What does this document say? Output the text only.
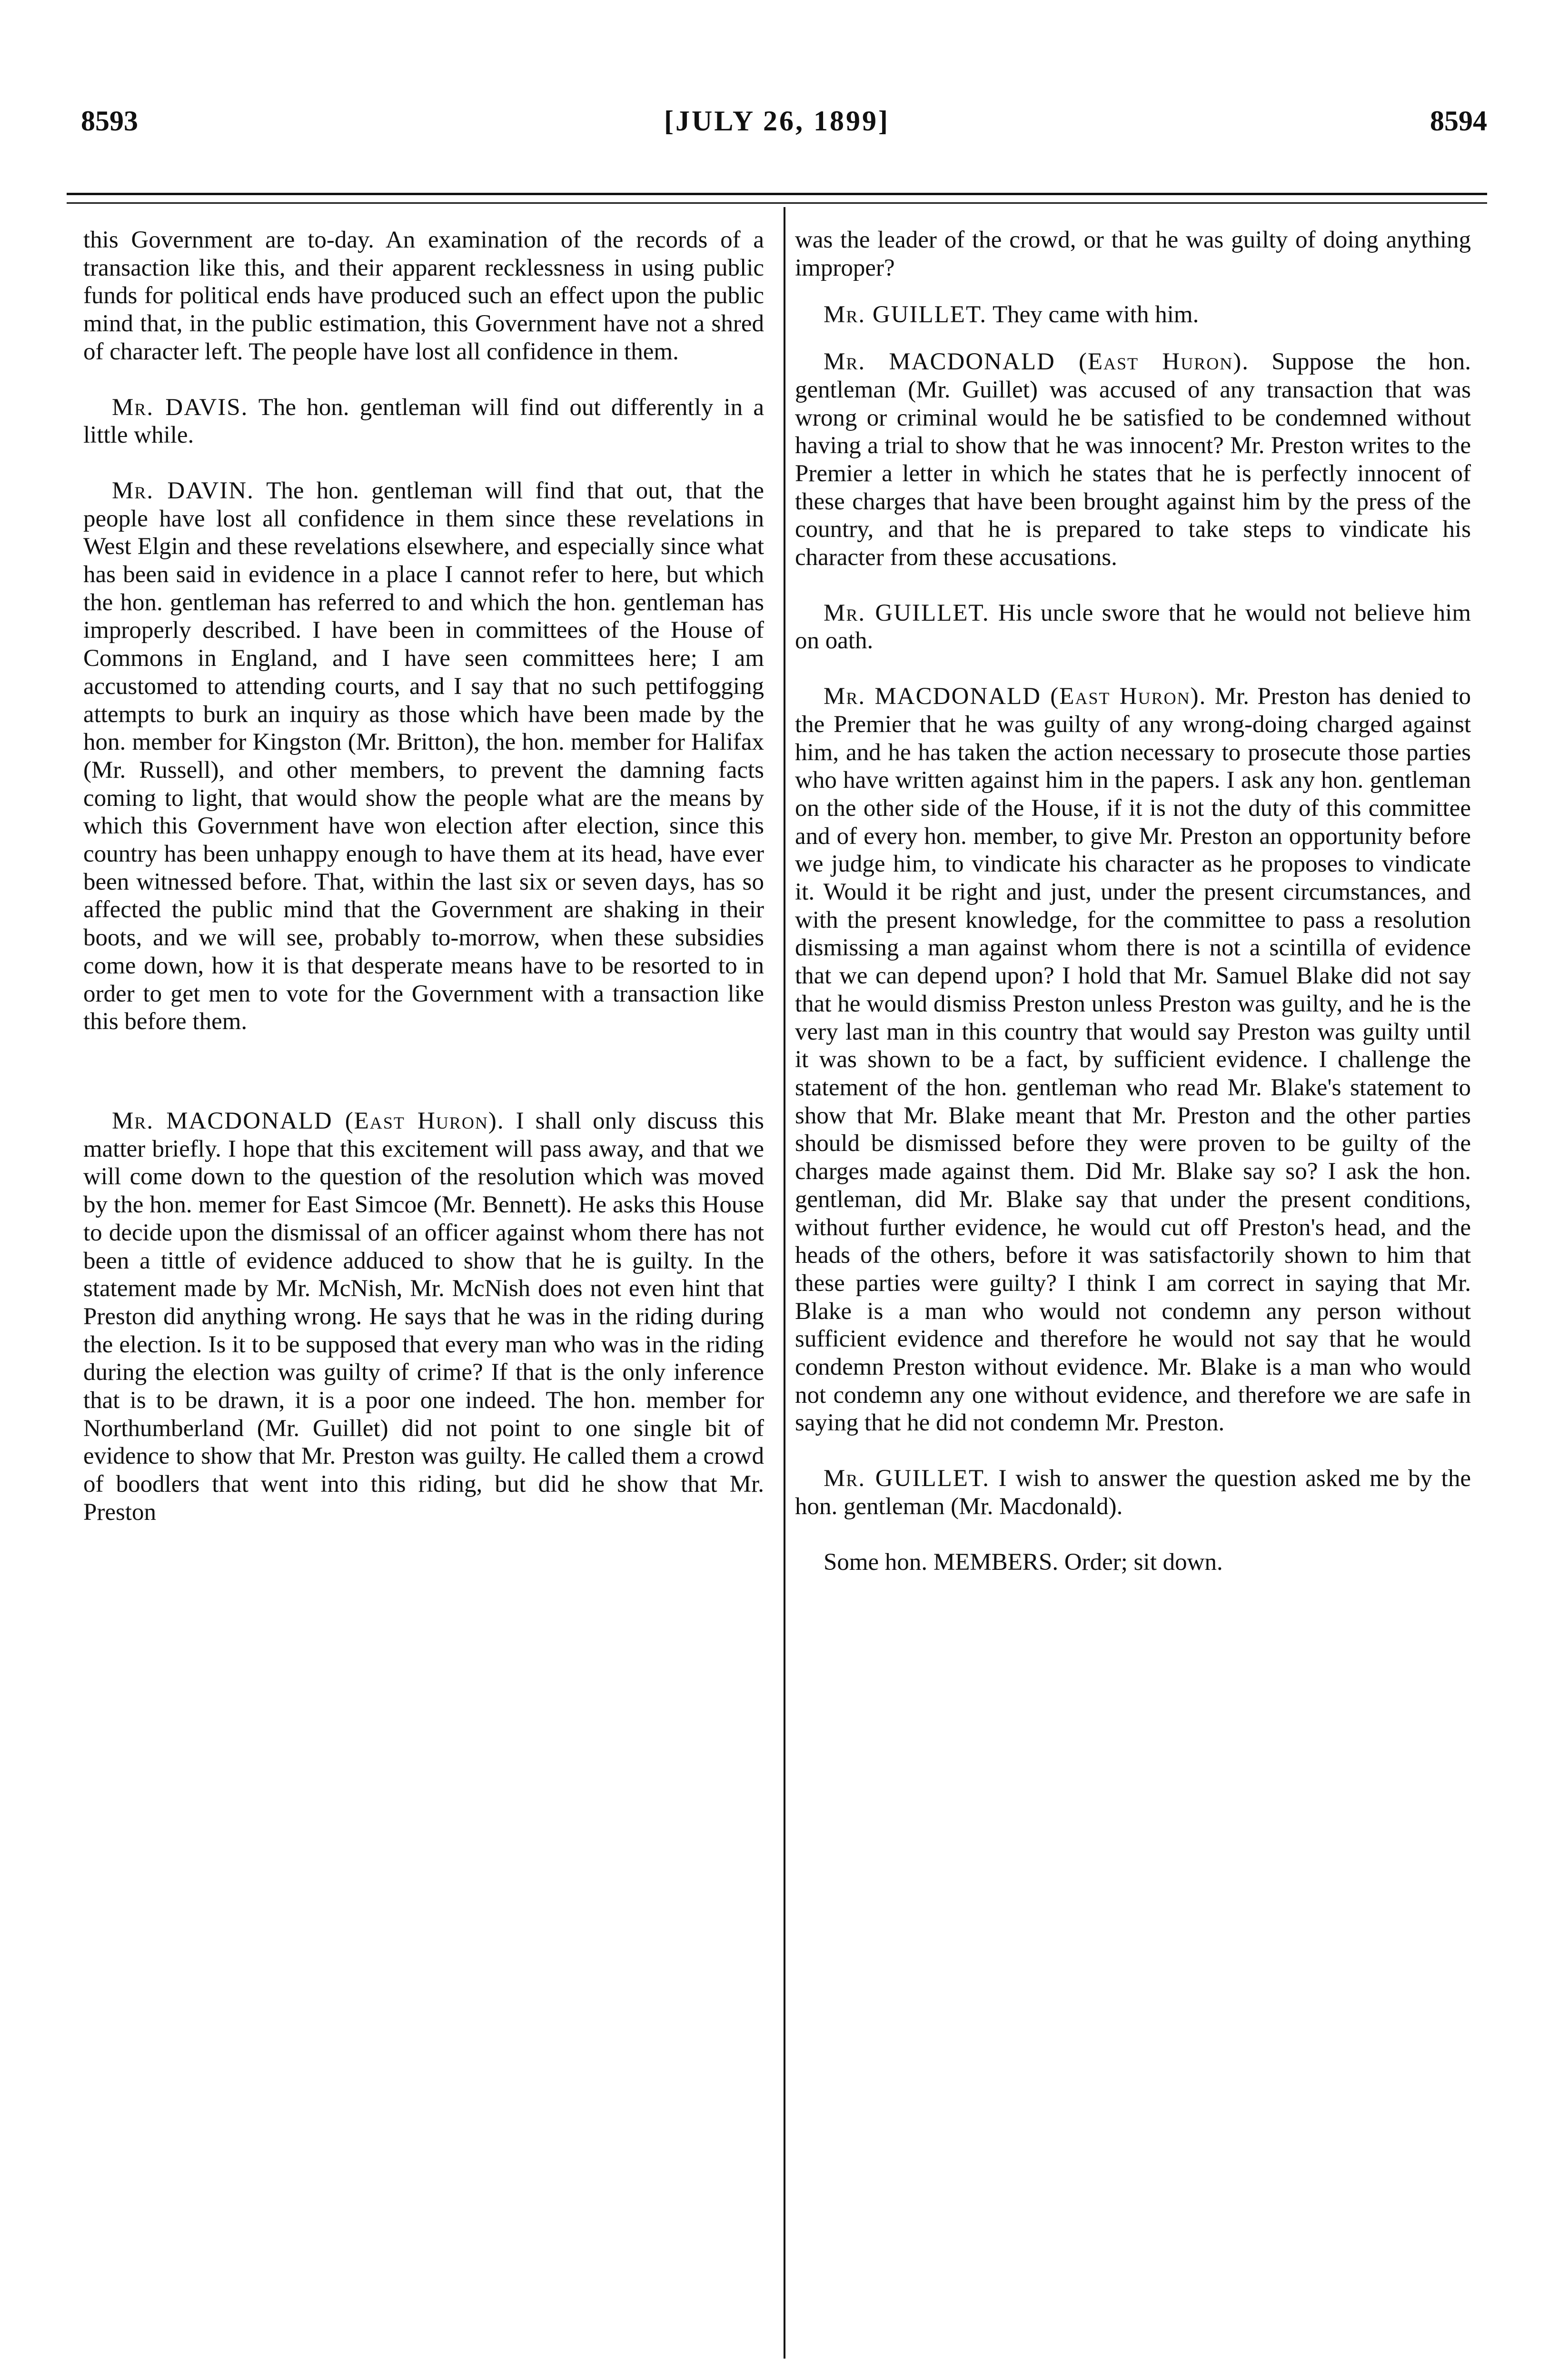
8593	[JULY 26, 1899]	8594

this Government are to-day. An examination of the records of a transaction like this, and their apparent recklessness in using public funds for political ends have produced such an effect upon the public mind that, in the public estimation, this Government have not a shred of character left. The people have lost all confidence in them.

Mr. DAVIS. The hon. gentleman will find out differently in a little while.

Mr. DAVIN. The hon. gentleman will find that out, that the people have lost all confidence in them since these revelations in West Elgin and these revelations elsewhere, and especially since what has been said in evidence in a place I cannot refer to here, but which the hon. gentleman has referred to and which the hon. gentleman has improperly described. I have been in committees of the House of Commons in England, and I have seen committees here; I am accustomed to attending courts, and I say that no such pettifogging attempts to burk an inquiry as those which have been made by the hon. member for Kingston (Mr. Britton), the hon. member for Halifax (Mr. Russell), and other members, to prevent the damning facts coming to light, that would show the people what are the means by which this Government have won election after election, since this country has been unhappy enough to have them at its head, have ever been witnessed before. That, within the last six or seven days, has so affected the public mind that the Government are shaking in their boots, and we will see, probably to-morrow, when these subsidies come down, how it is that desperate means have to be resorted to in order to get men to vote for the Government with a transaction like this before them.

Mr. MACDONALD (East Huron). I shall only discuss this matter briefly. I hope that this excitement will pass away, and that we will come down to the question of the resolution which was moved by the hon. memer for East Simcoe (Mr. Bennett). He asks this House to decide upon the dismissal of an officer against whom there has not been a tittle of evidence adduced to show that he is guilty. In the statement made by Mr. McNish, Mr. McNish does not even hint that Preston did anything wrong. He says that he was in the riding during the election. Is it to be supposed that every man who was in the riding during the election was guilty of crime? If that is the only inference that is to be drawn, it is a poor one indeed. The hon. member for Northumberland (Mr. Guillet) did not point to one single bit of evidence to show that Mr. Preston was guilty. He called them a crowd of boodlers that went into this riding, but did he show that Mr. Preston

was the leader of the crowd, or that he was guilty of doing anything improper?

Mr. GUILLET. They came with him.

Mr. MACDONALD (East Huron). Suppose the hon. gentleman (Mr. Guillet) was accused of any transaction that was wrong or criminal would he be satisfied to be condemned without having a trial to show that he was innocent? Mr. Preston writes to the Premier a letter in which he states that he is perfectly innocent of these charges that have been brought against him by the press of the country, and that he is prepared to take steps to vindicate his character from these accusations.

Mr. GUILLET. His uncle swore that he would not believe him on oath.

Mr. MACDONALD (East Huron). Mr. Preston has denied to the Premier that he was guilty of any wrong-doing charged against him, and he has taken the action necessary to prosecute those parties who have written against him in the papers. I ask any hon. gentleman on the other side of the House, if it is not the duty of this committee and of every hon. member, to give Mr. Preston an opportunity before we judge him, to vindicate his character as he proposes to vindicate it. Would it be right and just, under the present circumstances, and with the present knowledge, for the committee to pass a resolution dismissing a man against whom there is not a scintilla of evidence that we can depend upon? I hold that Mr. Samuel Blake did not say that he would dismiss Preston unless Preston was guilty, and he is the very last man in this country that would say Preston was guilty until it was shown to be a fact, by sufficient evidence. I challenge the statement of the hon. gentleman who read Mr. Blake's statement to show that Mr. Blake meant that Mr. Preston and the other parties should be dismissed before they were proven to be guilty of the charges made against them. Did Mr. Blake say so? I ask the hon. gentleman, did Mr. Blake say that under the present conditions, without further evidence, he would cut off Preston's head, and the heads of the others, before it was satisfactorily shown to him that these parties were guilty? I think I am correct in saying that Mr. Blake is a man who would not condemn any person without sufficient evidence and therefore he would not say that he would condemn Preston without evidence. Mr. Blake is a man who would not condemn any one without evidence, and therefore we are safe in saying that he did not condemn Mr. Preston.

Mr. GUILLET. I wish to answer the question asked me by the hon. gentleman (Mr. Macdonald).

Some hon. MEMBERS. Order; sit down.
